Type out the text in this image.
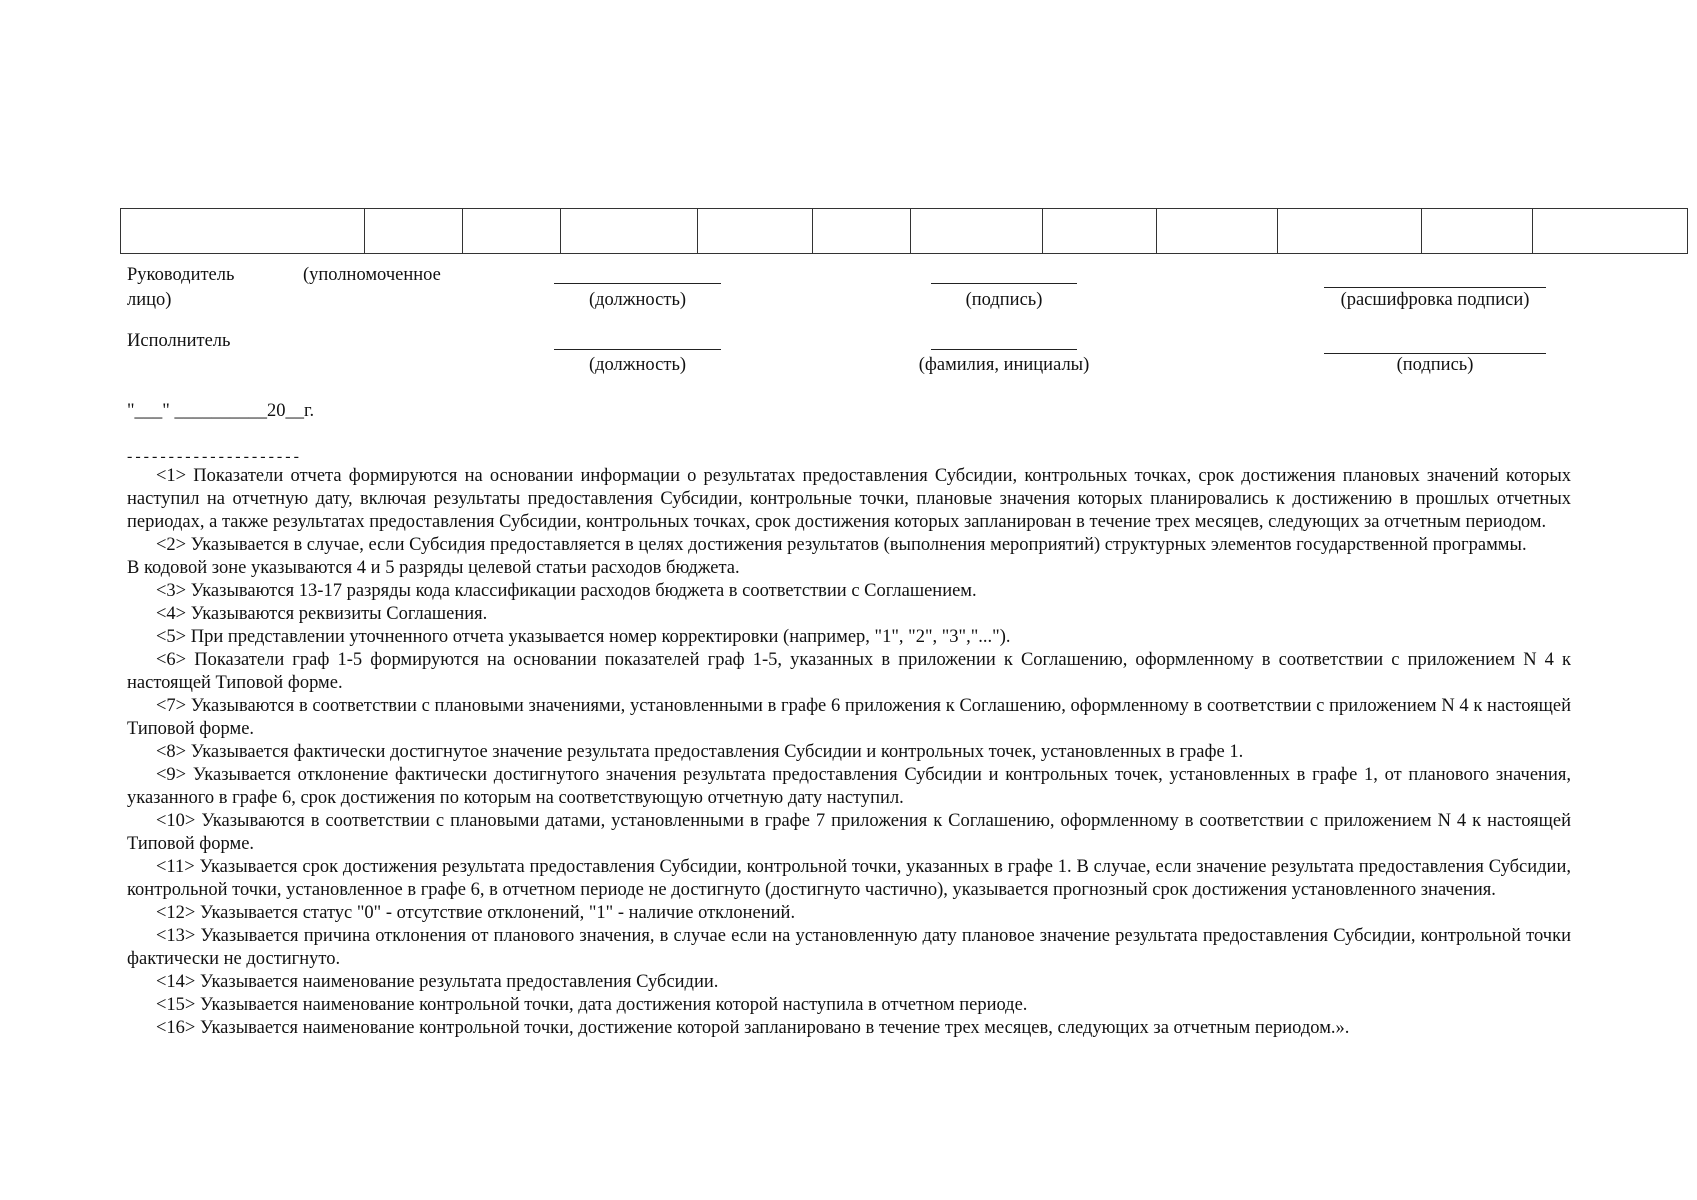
Руководитель	(уполномоченное
лицо)	(должность)	(подпись)	(расшифровка подписи)
Исполнитель
(должность)	(фамилия, инициалы)	(подпись)
"___" __________20__г.
---------------------

<1> Показатели отчета формируются на основании информации о результатах предоставления Субсидии, контрольных точках, срок достижения плановых значений которых наступил на отчетную дату, включая результаты предоставления Субсидии, контрольные точки, плановые значения которых планировались к достижению в прошлых отчетных периодах, а также результатах предоставления Субсидии, контрольных точках, срок достижения которых запланирован в течение трех месяцев, следующих за отчетным периодом.

<2> Указывается в случае, если Субсидия предоставляется в целях достижения результатов (выполнения мероприятий) структурных элементов государственной программы.

В кодовой зоне указываются 4 и 5 разряды целевой статьи расходов бюджета.

<3> Указываются 13-17 разряды кода классификации расходов бюджета в соответствии с Соглашением.

<4> Указываются реквизиты Соглашения.

<5> При представлении уточненного отчета указывается номер корректировки (например, "1", "2", "3","...").

<6> Показатели граф 1-5 формируются на основании показателей граф 1-5, указанных в приложении к Соглашению, оформленному в соответствии с приложением N 4 к настоящей Типовой форме.

<7> Указываются в соответствии с плановыми значениями, установленными в графе 6 приложения к Соглашению, оформленному в соответствии с приложением N 4 к настоящей Типовой форме.

<8> Указывается фактически достигнутое значение результата предоставления Субсидии и контрольных точек, установленных в графе 1.

<9> Указывается отклонение фактически достигнутого значения результата предоставления Субсидии и контрольных точек, установленных в графе 1, от планового значения, указанного в графе 6, срок достижения по которым на соответствующую отчетную дату наступил.

<10> Указываются в соответствии с плановыми датами, установленными в графе 7 приложения к Соглашению, оформленному в соответствии с приложением N 4 к настоящей Типовой форме.

<11> Указывается срок достижения результата предоставления Субсидии, контрольной точки, указанных в графе 1. В случае, если значение результата предоставления Субсидии, контрольной точки, установленное в графе 6, в отчетном периоде не достигнуто (достигнуто частично), указывается прогнозный срок достижения установленного значения.

<12> Указывается статус "0" - отсутствие отклонений, "1" - наличие отклонений.

<13> Указывается причина отклонения от планового значения, в случае если на установленную дату плановое значение результата предоставления Субсидии, контрольной точки фактически не достигнуто.

<14> Указывается наименование результата предоставления Субсидии.

<15> Указывается наименование контрольной точки, дата достижения которой наступила в отчетном периоде.

<16> Указывается наименование контрольной точки, достижение которой запланировано в течение трех месяцев, следующих за отчетным периодом.».
